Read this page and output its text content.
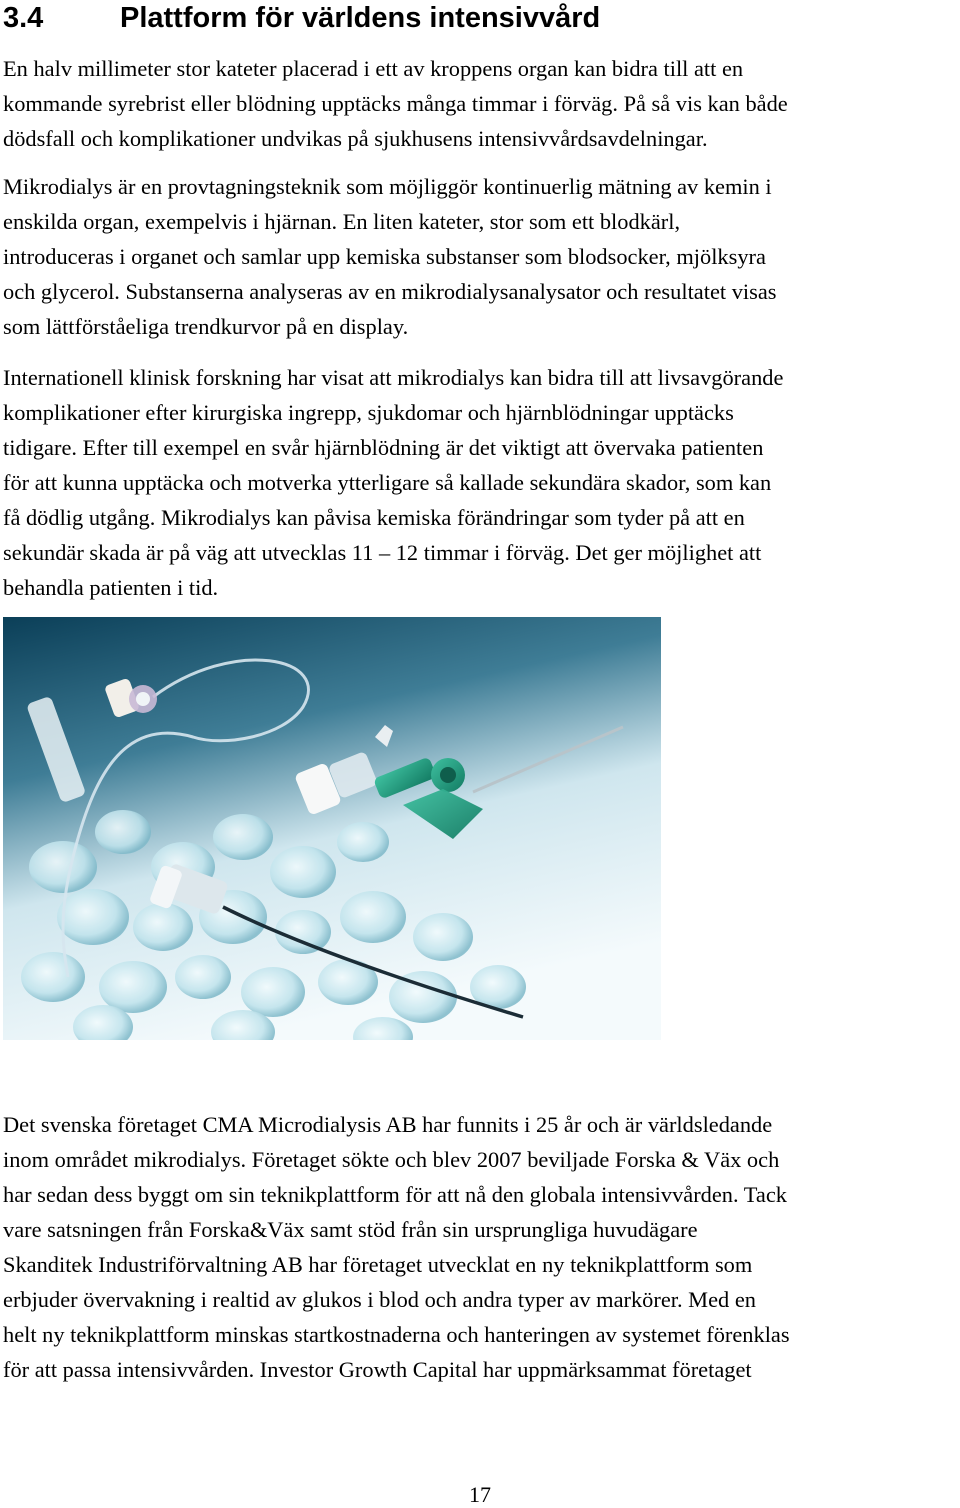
3.4	Plattform för världens intensivvård
En halv millimeter stor kateter placerad i ett av kroppens organ kan bidra till att en
kommande syrebrist eller blödning upptäcks många timmar i förväg. På så vis kan både
dödsfall och komplikationer undvikas på sjukhusens intensivvårdsavdelningar.
Mikrodialys är en provtagningsteknik som möjliggör kontinuerlig mätning av kemin i
enskilda organ, exempelvis i hjärnan. En liten kateter, stor som ett blodkärl,
introduceras i organet och samlar upp kemiska substanser som blodsocker, mjölksyra
och glycerol. Substanserna analyseras av en mikrodialysanalysator och resultatet visas
som lättförståeliga trendkurvor på en display.
Internationell klinisk forskning har visat att mikrodialys kan bidra till att livsavgörande
komplikationer efter kirurgiska ingrepp, sjukdomar och hjärnblödningar upptäcks
tidigare. Efter till exempel en svår hjärnblödning är det viktigt att övervaka patienten
för att kunna upptäcka och motverka ytterligare så kallade sekundära skador, som kan
få dödlig utgång. Mikrodialys kan påvisa kemiska förändringar som tyder på att en
sekundär skada är på väg att utvecklas 11 – 12 timmar i förväg. Det ger möjlighet att
behandla patienten i tid.
Det svenska företaget CMA Microdialysis AB har funnits i 25 år och är världsledande
inom området mikrodialys. Företaget sökte och blev 2007 beviljade Forska & Väx och
har sedan dess byggt om sin teknikplattform för att nå den globala intensivvården. Tack
vare satsningen från Forska&Väx samt stöd från sin ursprungliga huvudägare
Skanditek Industriförvaltning AB har företaget utvecklat en ny teknikplattform som
erbjuder övervakning i realtid av glukos i blod och andra typer av markörer. Med en
helt ny teknikplattform minskas startkostnaderna och hanteringen av systemet förenklas
för att passa intensivvården. Investor Growth Capital har uppmärksammat företaget
17
